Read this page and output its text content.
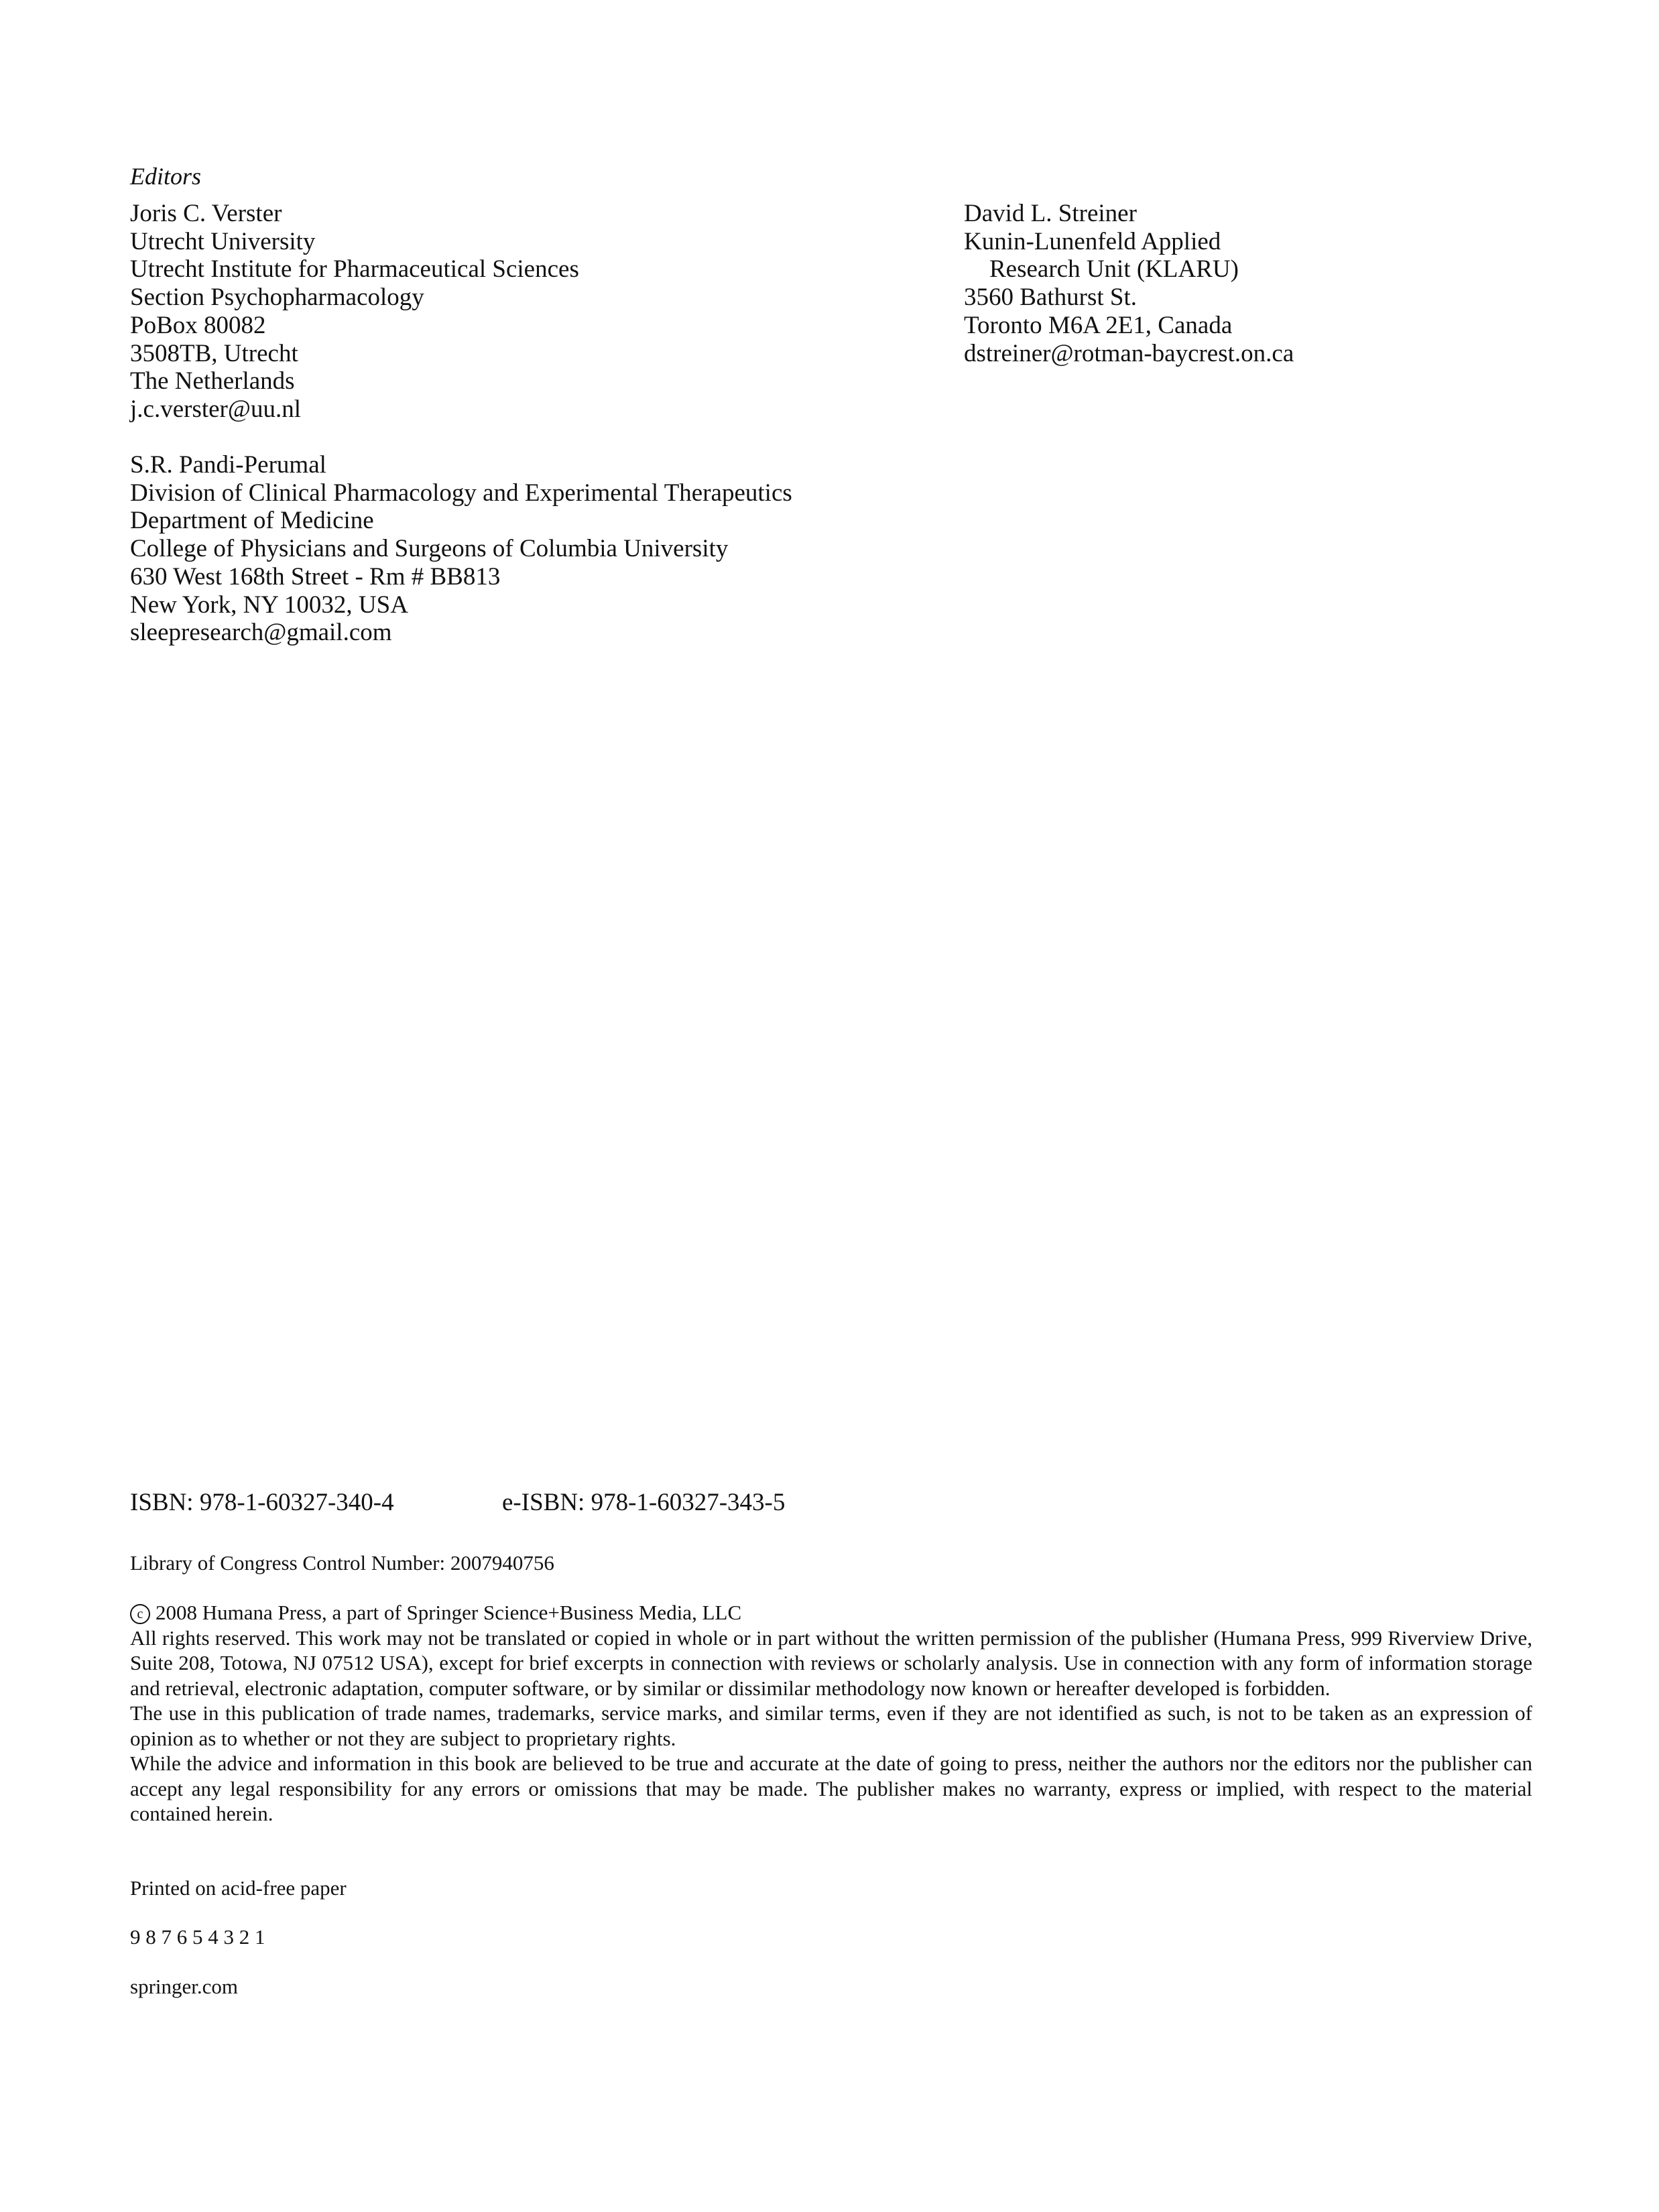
Editors
Joris C. Verster
Utrecht University
Utrecht Institute for Pharmaceutical Sciences
Section Psychopharmacology
PoBox 80082
3508TB, Utrecht
The Netherlands
j.c.verster@uu.nl
David L. Streiner
Kunin-Lunenfeld Applied
Research Unit (KLARU)
3560 Bathurst St.
Toronto M6A 2E1, Canada
dstreiner@rotman-baycrest.on.ca
S.R. Pandi-Perumal
Division of Clinical Pharmacology and Experimental Therapeutics
Department of Medicine
College of Physicians and Surgeons of Columbia University
630 West 168th Street - Rm # BB813
New York, NY 10032, USA
sleepresearch@gmail.com
ISBN: 978-1-60327-340-4	e-ISBN: 978-1-60327-343-5
Library of Congress Control Number: 2007940756
c 2008 Humana Press, a part of Springer Science+Business Media, LLC

All rights reserved. This work may not be translated or copied in whole or in part without the written permission of the publisher (Humana Press, 999 Riverview Drive, Suite 208, Totowa, NJ 07512 USA), except for brief excerpts in connection with reviews or scholarly analysis. Use in connection with any form of information storage and retrieval, electronic adaptation, computer software, or by similar or dissimilar methodology now known or hereafter developed is forbidden.

The use in this publication of trade names, trademarks, service marks, and similar terms, even if they are not identified as such, is not to be taken as an expression of opinion as to whether or not they are subject to proprietary rights.

While the advice and information in this book are believed to be true and accurate at the date of going to press, neither the authors nor the editors nor the publisher can accept any legal responsibility for any errors or omissions that may be made. The publisher makes no warranty, express or implied, with respect to the material contained herein.

Printed on acid-free paper
9 8 7 6 5 4 3 2 1
springer.com
